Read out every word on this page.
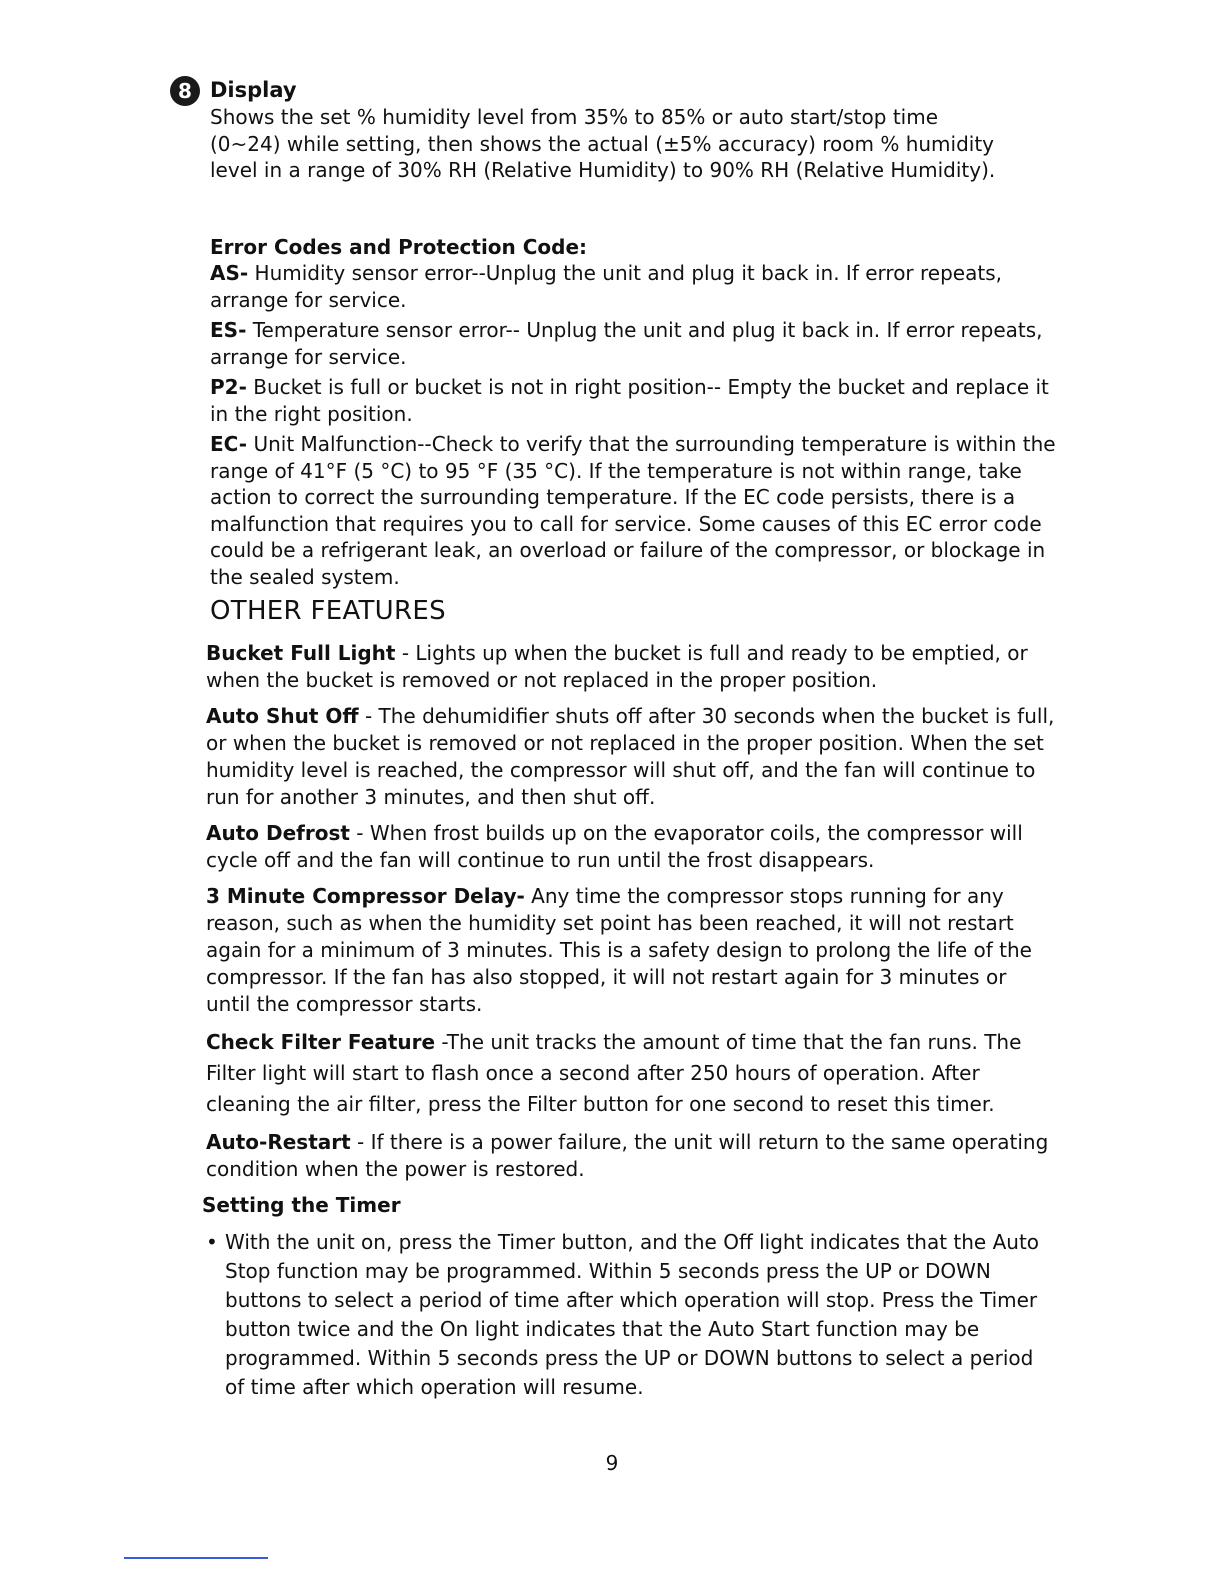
8 Display

Shows the set % humidity level from 35% to 85% or auto start/stop time (0~24) while setting, then shows the actual (±5% accuracy) room % humidity level in a range of 30% RH (Relative Humidity) to 90% RH (Relative Humidity).

Error Codes and Protection Code:

AS- Humidity sensor error--Unplug the unit and plug it back in. If error repeats, arrange for service.

ES- Temperature sensor error-- Unplug the unit and plug it back in. If error repeats, arrange for service.

P2- Bucket is full or bucket is not in right position-- Empty the bucket and replace it in the right position.

EC- Unit Malfunction--Check to verify that the surrounding temperature is within the range of 41°F (5 °C) to 95 °F (35 °C). If the temperature is not within range, take action to correct the surrounding temperature. If the EC code persists, there is a malfunction that requires you to call for service. Some causes of this EC error code could be a refrigerant leak, an overload or failure of the compressor, or blockage in the sealed system.

OTHER FEATURES

Bucket Full Light - Lights up when the bucket is full and ready to be emptied, or when the bucket is removed or not replaced in the proper position.

Auto Shut Off - The dehumidifier shuts off after 30 seconds when the bucket is full, or when the bucket is removed or not replaced in the proper position. When the set humidity level is reached, the compressor will shut off, and the fan will continue to run for another 3 minutes, and then shut off.

Auto Defrost - When frost builds up on the evaporator coils, the compressor will cycle off and the fan will continue to run until the frost disappears.

3 Minute Compressor Delay- Any time the compressor stops running for any reason, such as when the humidity set point has been reached, it will not restart again for a minimum of 3 minutes. This is a safety design to prolong the life of the compressor. If the fan has also stopped, it will not restart again for 3 minutes or until the compressor starts.

Check Filter Feature -The unit tracks the amount of time that the fan runs. The Filter light will start to flash once a second after 250 hours of operation. After cleaning the air filter, press the Filter button for one second to reset this timer.

Auto-Restart - If there is a power failure, the unit will return to the same operating condition when the power is restored.

Setting the Timer

• With the unit on, press the Timer button, and the Off light indicates that the Auto Stop function may be programmed. Within 5 seconds press the UP or DOWN buttons to select a period of time after which operation will stop. Press the Timer button twice and the On light indicates that the Auto Start function may be programmed. Within 5 seconds press the UP or DOWN buttons to select a period of time after which operation will resume.
9
